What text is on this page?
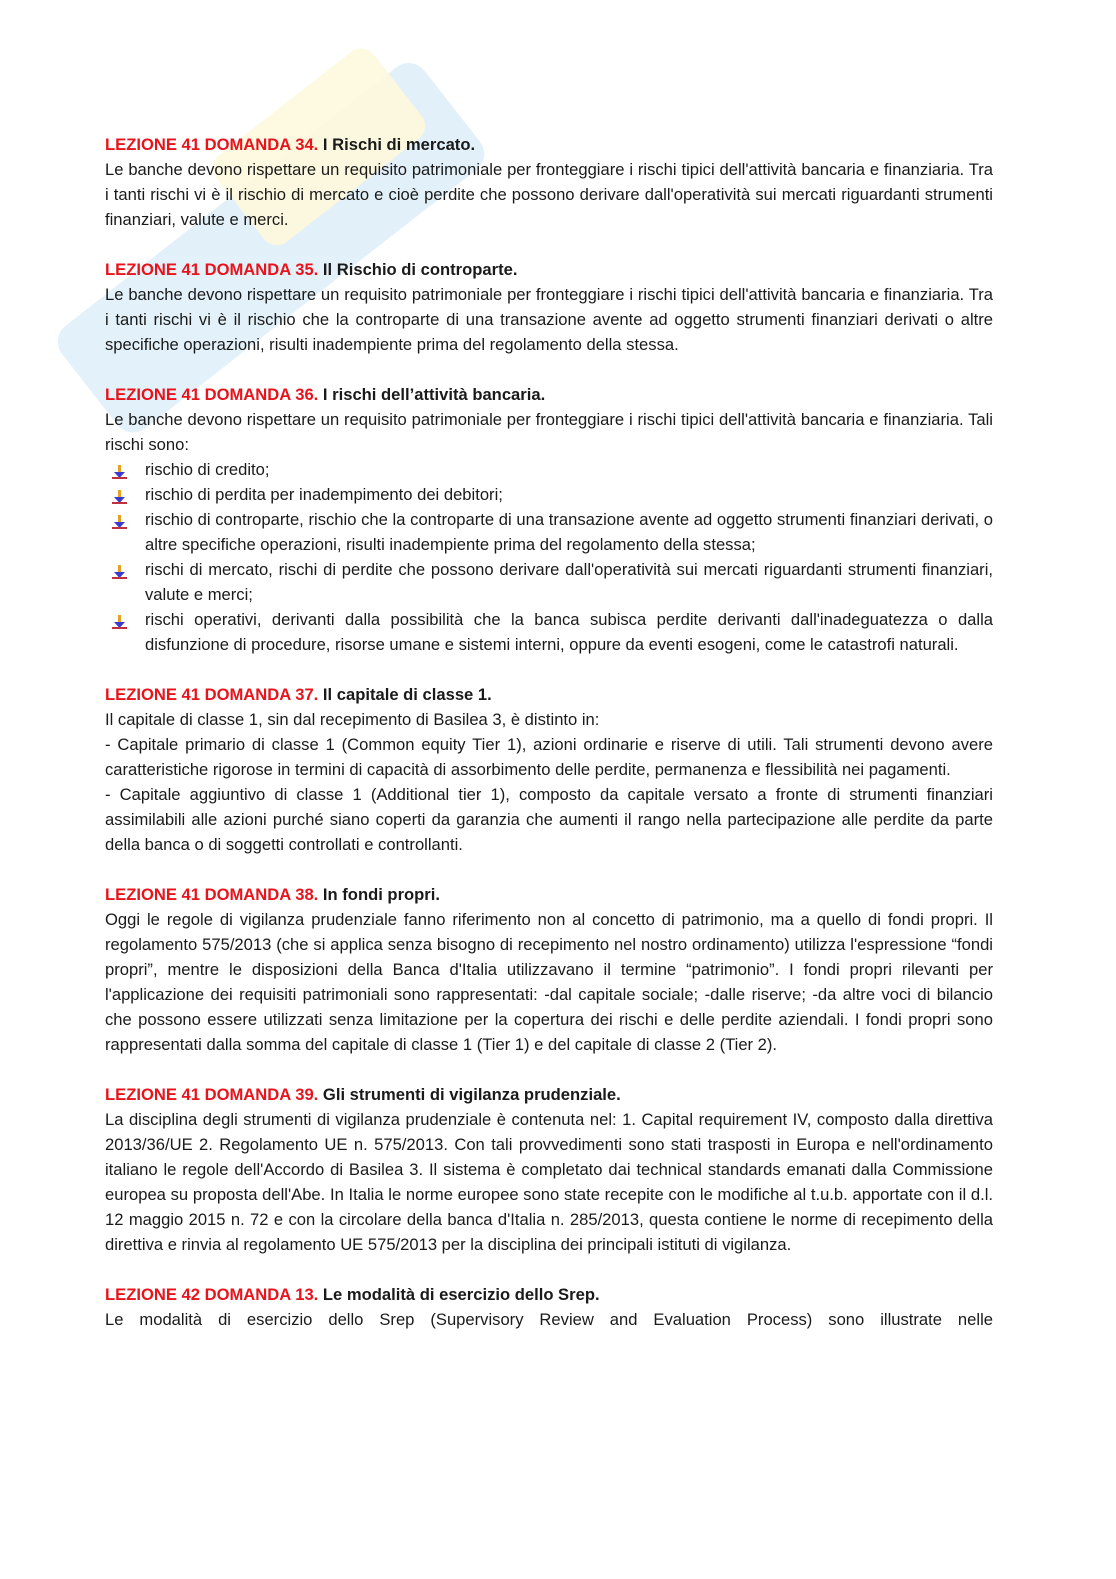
LEZIONE 41 DOMANDA 34. I Rischi di mercato.
Le banche devono rispettare un requisito patrimoniale per fronteggiare i rischi tipici dell'attività bancaria e finanziaria. Tra i tanti rischi vi è il rischio di mercato e cioè perdite che possono derivare dall'operatività sui mercati riguardanti strumenti finanziari, valute e merci.
LEZIONE 41 DOMANDA 35. Il Rischio di controparte.
Le banche devono rispettare un requisito patrimoniale per fronteggiare i rischi tipici dell'attività bancaria e finanziaria. Tra i tanti rischi vi è il rischio che la controparte di una transazione avente ad oggetto strumenti finanziari derivati o altre specifiche operazioni, risulti inadempiente prima del regolamento della stessa.
LEZIONE 41 DOMANDA 36. I rischi dell’attività bancaria.
Le banche devono rispettare un requisito patrimoniale per fronteggiare i rischi tipici dell'attività bancaria e finanziaria. Tali rischi sono:
rischio di credito;
rischio di perdita per inadempimento dei debitori;
rischio di controparte, rischio che la controparte di una transazione avente ad oggetto strumenti finanziari derivati, o altre specifiche operazioni, risulti inadempiente prima del regolamento della stessa;
rischi di mercato, rischi di perdite che possono derivare dall'operatività sui mercati riguardanti strumenti finanziari, valute e merci;
rischi operativi, derivanti dalla possibilità che la banca subisca perdite derivanti dall'inadeguatezza o dalla disfunzione di procedure, risorse umane e sistemi interni, oppure da eventi esogeni, come le catastrofi naturali.
LEZIONE 41 DOMANDA 37. Il capitale di classe 1.
Il capitale di classe 1, sin dal recepimento di Basilea 3, è distinto in:
- Capitale primario di classe 1 (Common equity Tier 1), azioni ordinarie e riserve di utili. Tali strumenti devono avere caratteristiche rigorose in termini di capacità di assorbimento delle perdite, permanenza e flessibilità nei pagamenti.
- Capitale aggiuntivo di classe 1 (Additional tier 1), composto da capitale versato a fronte di strumenti finanziari assimilabili alle azioni purché siano coperti da garanzia che aumenti il rango nella partecipazione alle perdite da parte della banca o di soggetti controllati e controllanti.
LEZIONE 41 DOMANDA 38. In fondi propri.
Oggi le regole di vigilanza prudenziale fanno riferimento non al concetto di patrimonio, ma a quello di fondi propri. Il regolamento 575/2013 (che si applica senza bisogno di recepimento nel nostro ordinamento) utilizza l'espressione “fondi propri”, mentre le disposizioni della Banca d'Italia utilizzavano il termine “patrimonio”. I fondi propri rilevanti per l'applicazione dei requisiti patrimoniali sono rappresentati: -dal capitale sociale; -dalle riserve; -da altre voci di bilancio che possono essere utilizzati senza limitazione per la copertura dei rischi e delle perdite aziendali. I fondi propri sono rappresentati dalla somma del capitale di classe 1 (Tier 1) e del capitale di classe 2 (Tier 2).
LEZIONE 41 DOMANDA 39. Gli strumenti di vigilanza prudenziale.
La disciplina degli strumenti di vigilanza prudenziale è contenuta nel: 1. Capital requirement IV, composto dalla direttiva 2013/36/UE 2. Regolamento UE n. 575/2013. Con tali provvedimenti sono stati trasposti in Europa e nell'ordinamento italiano le regole dell'Accordo di Basilea 3. Il sistema è completato dai technical standards emanati dalla Commissione europea su proposta dell'Abe. In Italia le norme europee sono state recepite con le modifiche al t.u.b. apportate con il d.l. 12 maggio 2015 n. 72 e con la circolare della banca d'Italia n. 285/2013, questa contiene le norme di recepimento della direttiva e rinvia al regolamento UE 575/2013 per la disciplina dei principali istituti di vigilanza.
LEZIONE 42 DOMANDA 13. Le modalità di esercizio dello Srep.
Le modalità di esercizio dello Srep (Supervisory Review and Evaluation Process) sono illustrate nelle
